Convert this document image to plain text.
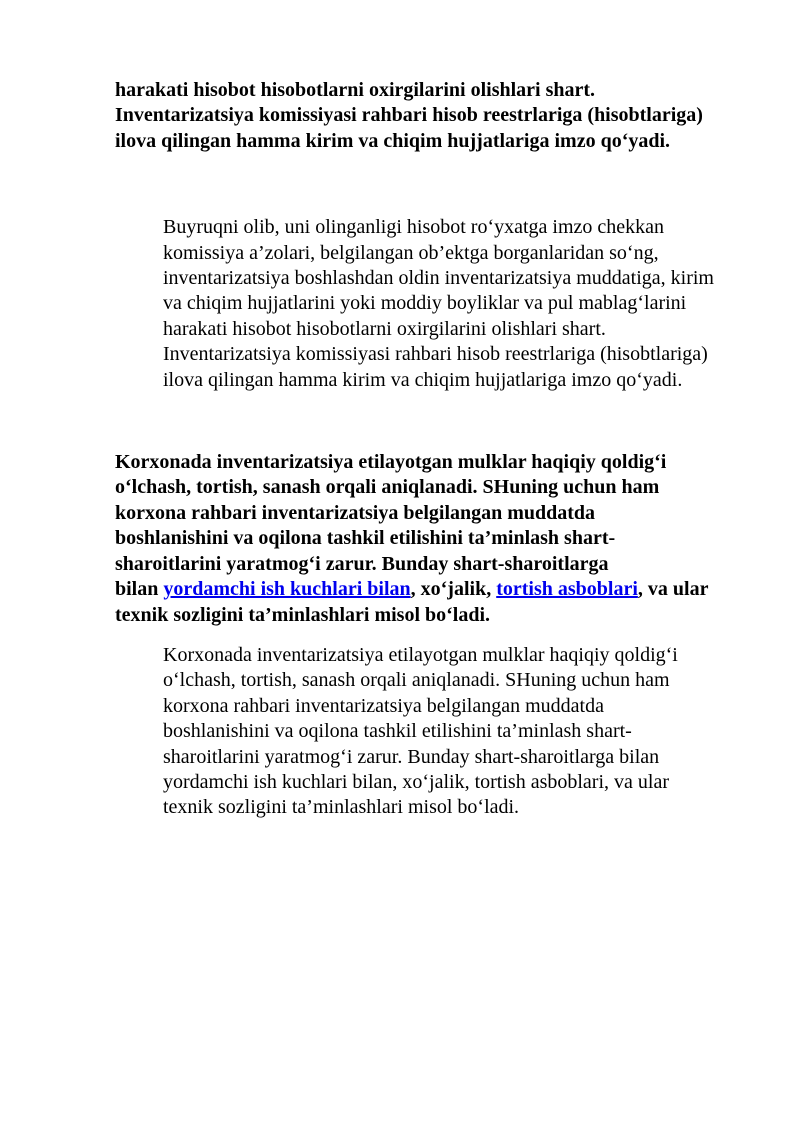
harakati hisobot hisobotlarni oxirgilarini olishlari shart.
Inventarizatsiya komissiyasi rahbari hisob reestrlariga (hisobtlariga)
ilova qilingan hamma kirim va chiqim hujjatlariga imzo qo‘yadi.
Buyruqni olib, uni olinganligi hisobot ro‘yxatga imzo chekkan
komissiya a’zolari, belgilangan ob’ektga borganlaridan so‘ng,
inventarizatsiya boshlashdan oldin inventarizatsiya muddatiga, kirim
va chiqim hujjatlarini yoki moddiy boyliklar va pul mablag‘larini
harakati hisobot hisobotlarni oxirgilarini olishlari shart.
Inventarizatsiya komissiyasi rahbari hisob reestrlariga (hisobtlariga)
ilova qilingan hamma kirim va chiqim hujjatlariga imzo qo‘yadi.
Korxonada inventarizatsiya etilayotgan mulklar haqiqiy qoldig‘i
o‘lchash, tortish, sanash orqali aniqlanadi. SHuning uchun ham
korxona rahbari inventarizatsiya belgilangan muddatda
boshlanishini va oqilona tashkil etilishini ta’minlash shart-
sharoitlarini yaratmog‘i zarur. Bunday shart-sharoitlarga
bilan yordamchi ish kuchlari bilan, xo‘jalik, tortish asboblari, va ular
texnik sozligini ta’minlashlari misol bo‘ladi.
Korxonada inventarizatsiya etilayotgan mulklar haqiqiy qoldig‘i
o‘lchash, tortish, sanash orqali aniqlanadi. SHuning uchun ham
korxona rahbari inventarizatsiya belgilangan muddatda
boshlanishini va oqilona tashkil etilishini ta’minlash shart-
sharoitlarini yaratmog‘i zarur. Bunday shart-sharoitlarga bilan
yordamchi ish kuchlari bilan, xo‘jalik, tortish asboblari, va ular
texnik sozligini ta’minlashlari misol bo‘ladi.
